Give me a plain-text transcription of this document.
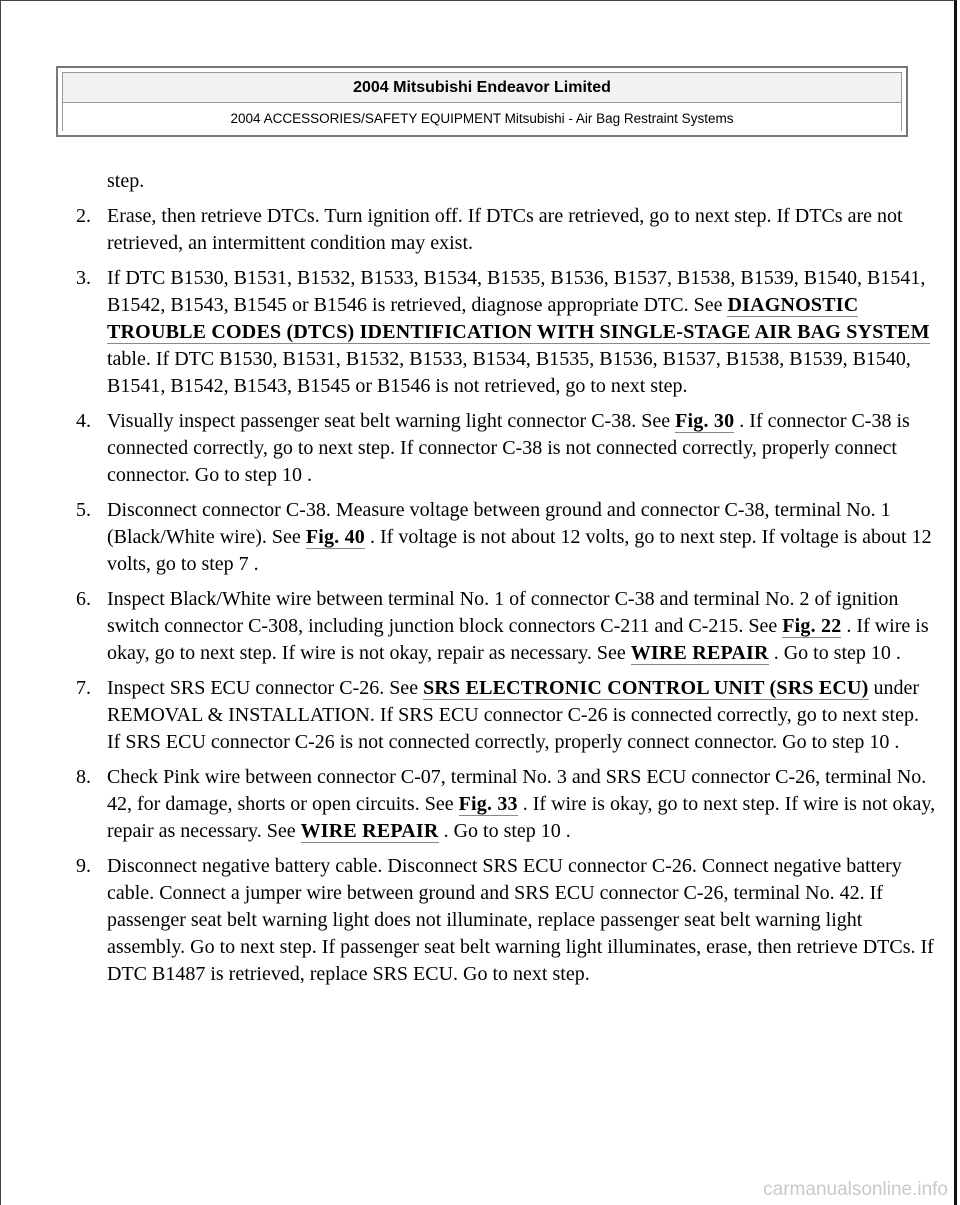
2004 Mitsubishi Endeavor Limited
2004 ACCESSORIES/SAFETY EQUIPMENT Mitsubishi - Air Bag Restraint Systems
step.
2. Erase, then retrieve DTCs. Turn ignition off. If DTCs are retrieved, go to next step. If DTCs are not retrieved, an intermittent condition may exist.
3. If DTC B1530, B1531, B1532, B1533, B1534, B1535, B1536, B1537, B1538, B1539, B1540, B1541, B1542, B1543, B1545 or B1546 is retrieved, diagnose appropriate DTC. See DIAGNOSTIC TROUBLE CODES (DTCS) IDENTIFICATION WITH SINGLE-STAGE AIR BAG SYSTEM table. If DTC B1530, B1531, B1532, B1533, B1534, B1535, B1536, B1537, B1538, B1539, B1540, B1541, B1542, B1543, B1545 or B1546 is not retrieved, go to next step.
4. Visually inspect passenger seat belt warning light connector C-38. See Fig. 30 . If connector C-38 is connected correctly, go to next step. If connector C-38 is not connected correctly, properly connect connector. Go to step 10 .
5. Disconnect connector C-38. Measure voltage between ground and connector C-38, terminal No. 1 (Black/White wire). See Fig. 40 . If voltage is not about 12 volts, go to next step. If voltage is about 12 volts, go to step 7 .
6. Inspect Black/White wire between terminal No. 1 of connector C-38 and terminal No. 2 of ignition switch connector C-308, including junction block connectors C-211 and C-215. See Fig. 22 . If wire is okay, go to next step. If wire is not okay, repair as necessary. See WIRE REPAIR . Go to step 10 .
7. Inspect SRS ECU connector C-26. See SRS ELECTRONIC CONTROL UNIT (SRS ECU) under REMOVAL & INSTALLATION. If SRS ECU connector C-26 is connected correctly, go to next step. If SRS ECU connector C-26 is not connected correctly, properly connect connector. Go to step 10 .
8. Check Pink wire between connector C-07, terminal No. 3 and SRS ECU connector C-26, terminal No. 42, for damage, shorts or open circuits. See Fig. 33 . If wire is okay, go to next step. If wire is not okay, repair as necessary. See WIRE REPAIR . Go to step 10 .
9. Disconnect negative battery cable. Disconnect SRS ECU connector C-26. Connect negative battery cable. Connect a jumper wire between ground and SRS ECU connector C-26, terminal No. 42. If passenger seat belt warning light does not illuminate, replace passenger seat belt warning light assembly. Go to next step. If passenger seat belt warning light illuminates, erase, then retrieve DTCs. If DTC B1487 is retrieved, replace SRS ECU. Go to next step.
carmanualsonline.info
